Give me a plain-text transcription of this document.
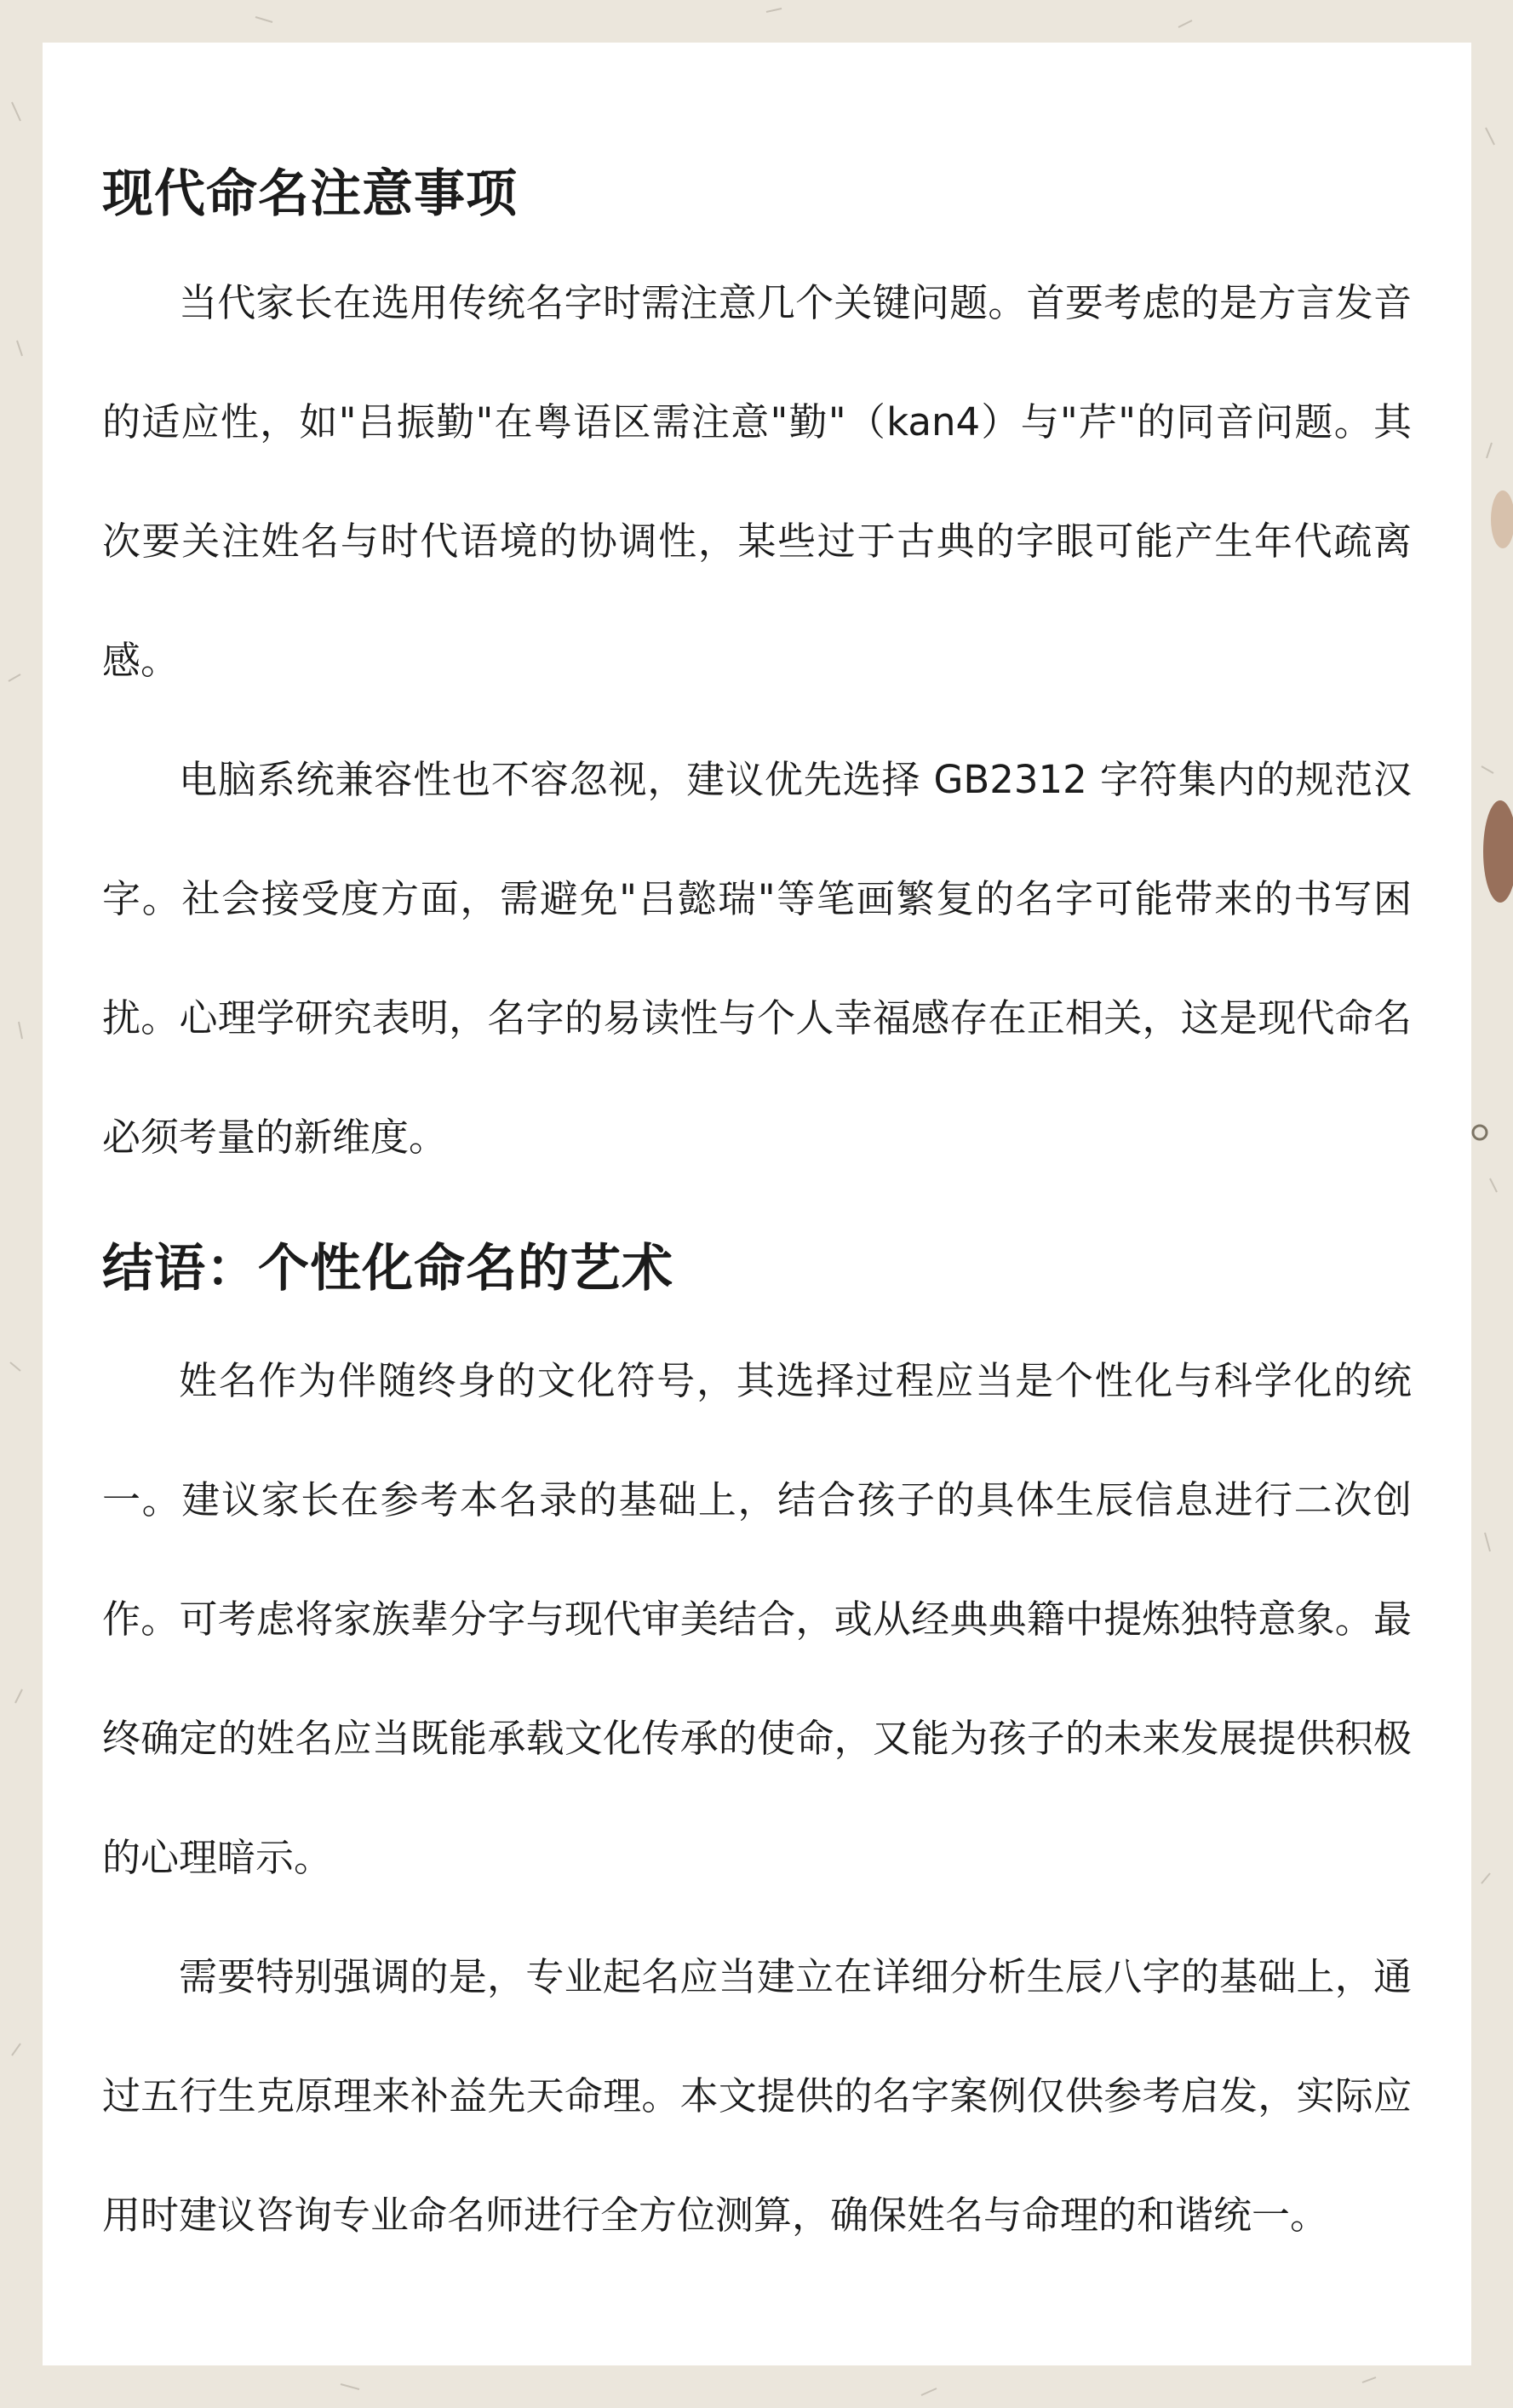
现代命名注意事项

当代家长在选用传统名字时需注意几个关键问题。首要考虑的是方言发音的适应性，如"吕振勤"在粤语区需注意"勤"（kan4）与"芹"的同音问题。其次要关注姓名与时代语境的协调性，某些过于古典的字眼可能产生年代疏离感。

电脑系统兼容性也不容忽视，建议优先选择 GB2312 字符集内的规范汉字。社会接受度方面，需避免"吕懿瑞"等笔画繁复的名字可能带来的书写困扰。心理学研究表明，名字的易读性与个人幸福感存在正相关，这是现代命名必须考量的新维度。

结语：个性化命名的艺术

姓名作为伴随终身的文化符号，其选择过程应当是个性化与科学化的统一。建议家长在参考本名录的基础上，结合孩子的具体生辰信息进行二次创作。可考虑将家族辈分字与现代审美结合，或从经典典籍中提炼独特意象。最终确定的姓名应当既能承载文化传承的使命，又能为孩子的未来发展提供积极的心理暗示。

需要特别强调的是，专业起名应当建立在详细分析生辰八字的基础上，通过五行生克原理来补益先天命理。本文提供的名字案例仅供参考启发，实际应用时建议咨询专业命名师进行全方位测算，确保姓名与命理的和谐统一。
